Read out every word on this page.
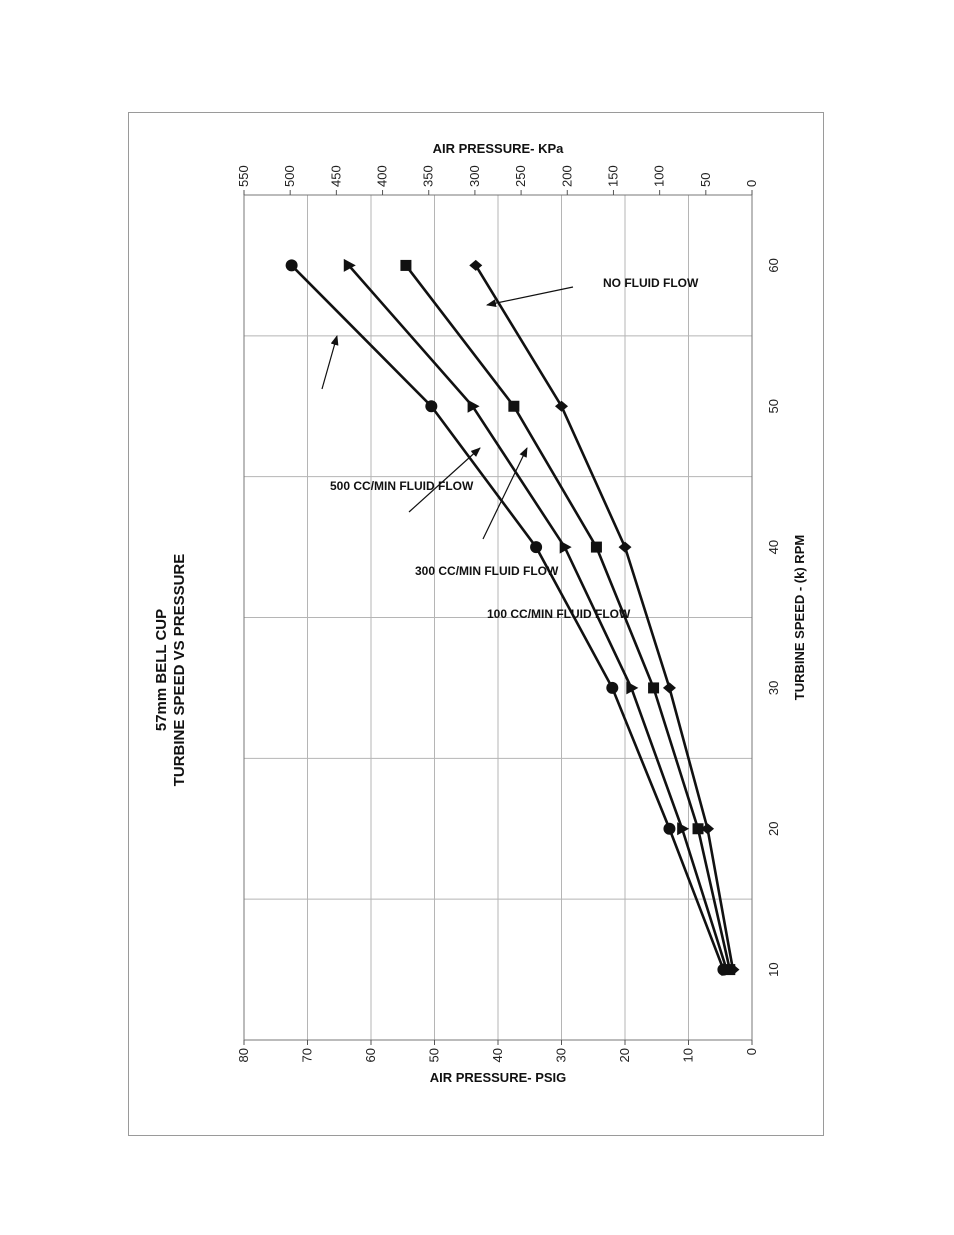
0
10
20
30
40
50
60
70
80
0
50
100
150
200
250
300
350
400
450
500
550
10
20
30
40
50
60
TURBINE SPEED - (k) RPM
AIR PRESSURE- PSIG
AIR PRESSURE- KPa
57mm BELL CUP TURBINE SPEED VS PRESSURE
NO FLUID FLOW
500 CC/MIN FLUID FLOW
300 CC/MIN FLUID FLOW
100 CC/MIN FLUID FLOW
